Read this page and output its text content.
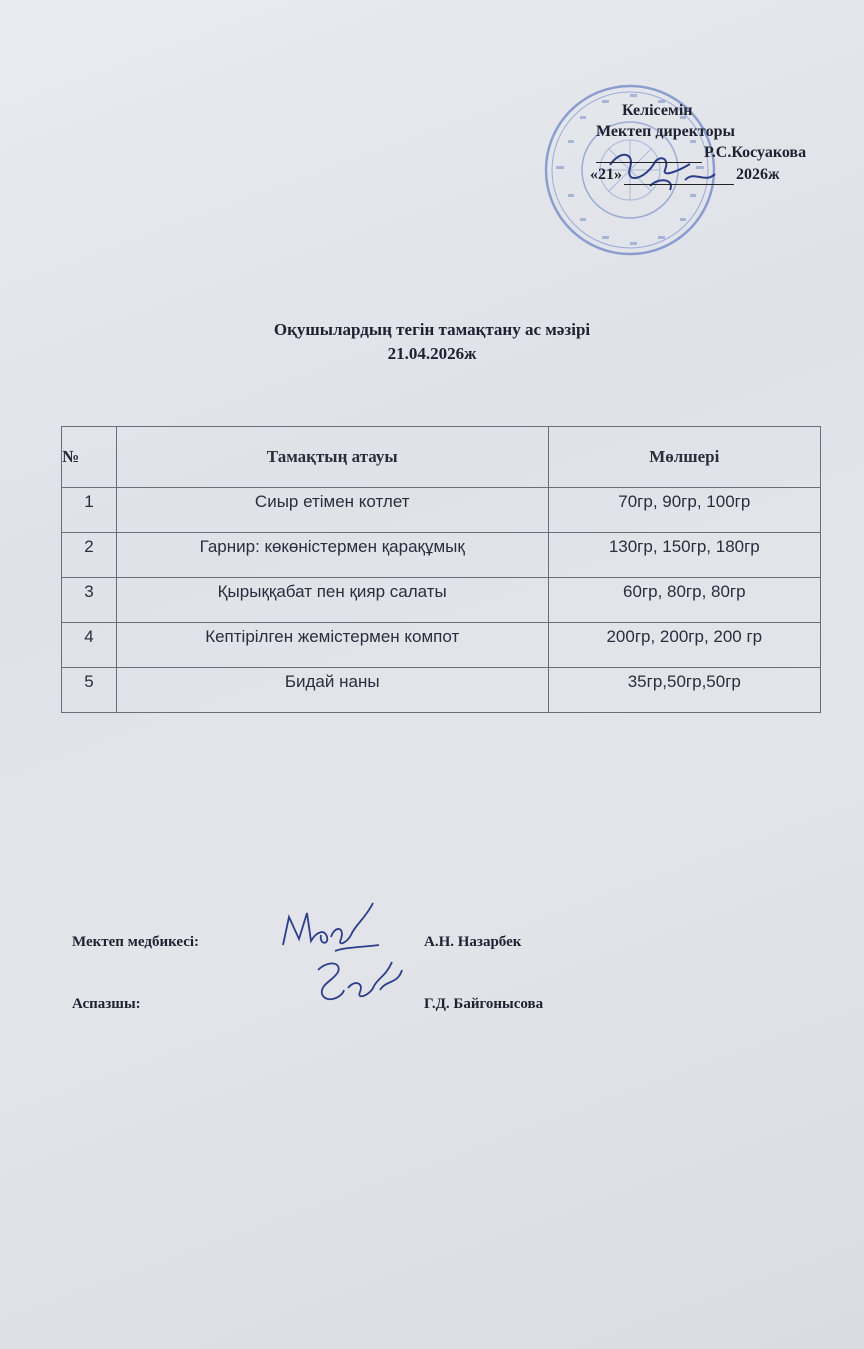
Келісемін
Мектеп директоры
Р.С.Косуакова
«21»	2026ж
Оқушылардың тегін тамақтану ас мәзірі
21.04.2026ж
№	Тамақтың атауы	Мөлшері
1	Сиыр етімен котлет	70гр, 90гр, 100гр
2	Гарнир: көкөністермен қарақұмық	130гр, 150гр, 180гр
3	Қырыққабат пен қияр салаты	60гр, 80гр, 80гр
4	Кептірілген жемістермен компот	200гр, 200гр, 200 гр
5	Бидай наны	35гр,50гр,50гр
Мектеп медбикесі:	А.Н. Назарбек
Аспазшы:	Г.Д. Байгонысова
